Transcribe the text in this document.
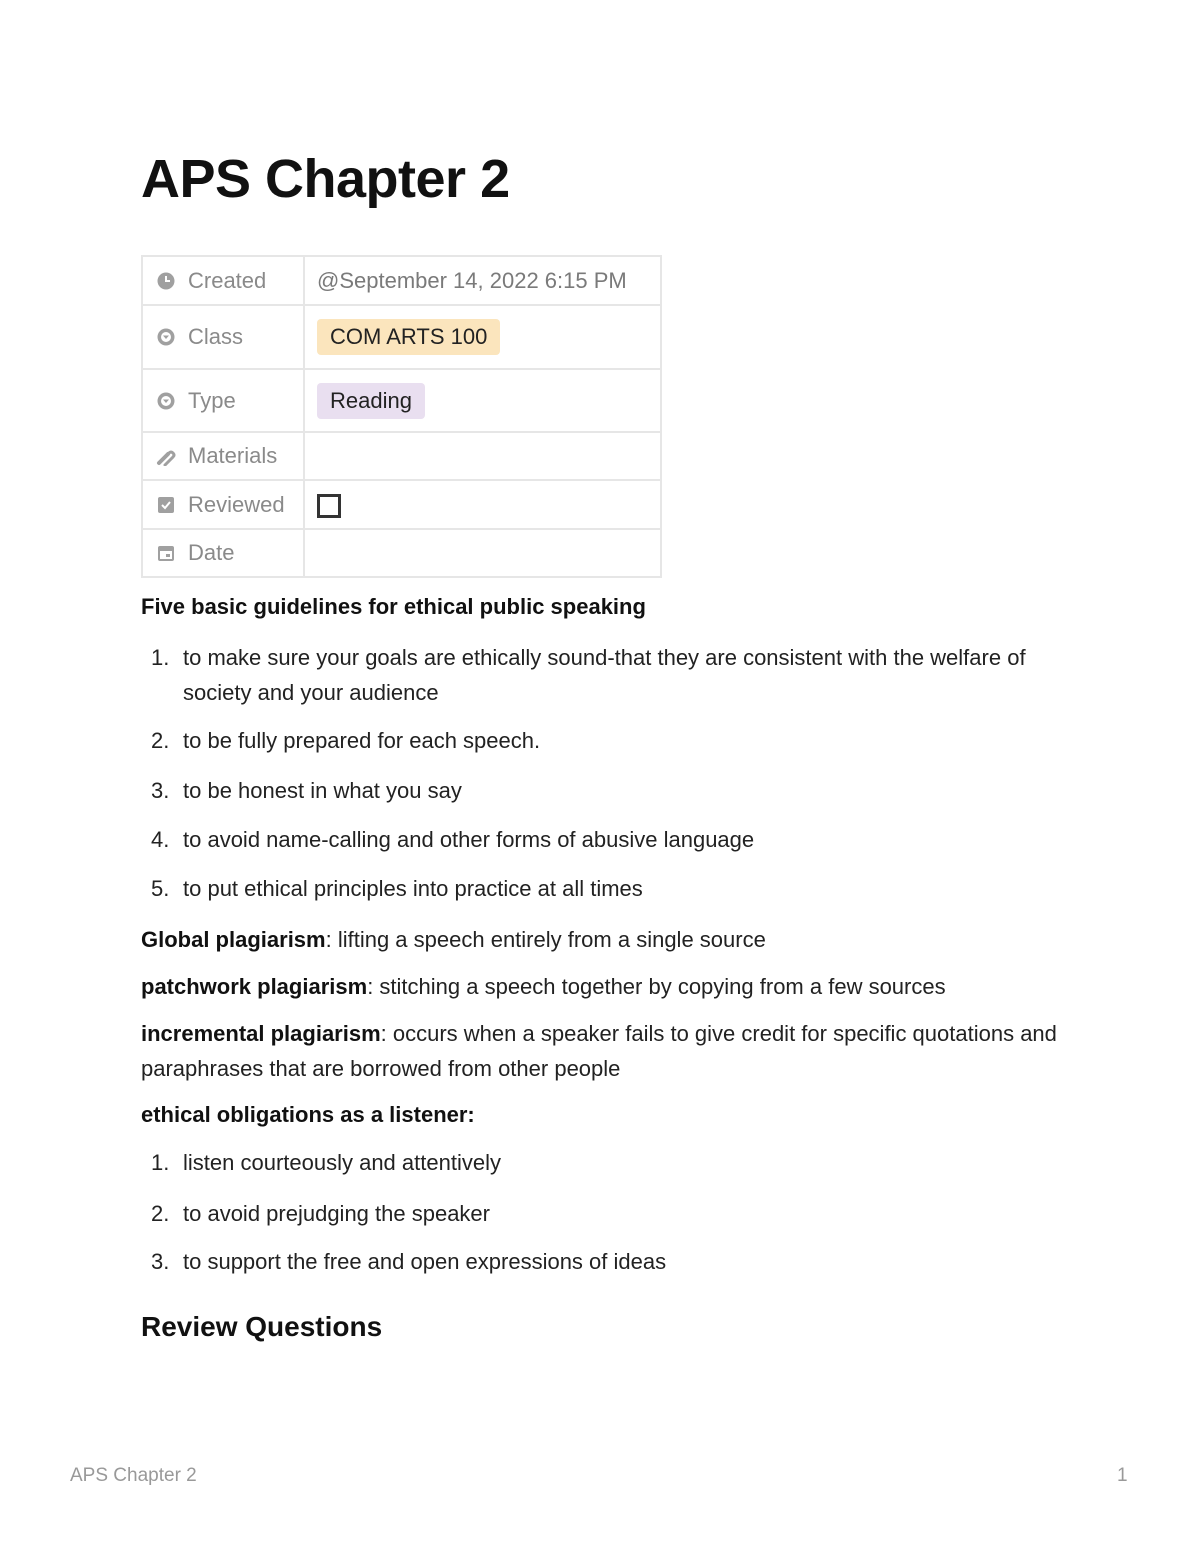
APS Chapter 2
Created	@September 14, 2022 6:15 PM

Class	COM ARTS 100

Type	Reading

Materials	

Reviewed	

Date	

Five basic guidelines for ethical public speaking

1. to make sure your goals are ethically sound-that they are consistent with the welfare of society and your audience
2. to be fully prepared for each speech.
3. to be honest in what you say
4. to avoid name-calling and other forms of abusive language
5. to put ethical principles into practice at all times

Global plagiarism: lifting a speech entirely from a single source

patchwork plagiarism: stitching a speech together by copying from a few sources

incremental plagiarism: occurs when a speaker fails to give credit for specific quotations and paraphrases that are borrowed from other people

ethical obligations as a listener:

1. listen courteously and attentively
2. to avoid prejudging the speaker
3. to support the free and open expressions of ideas

Review Questions

APS Chapter 2	1
